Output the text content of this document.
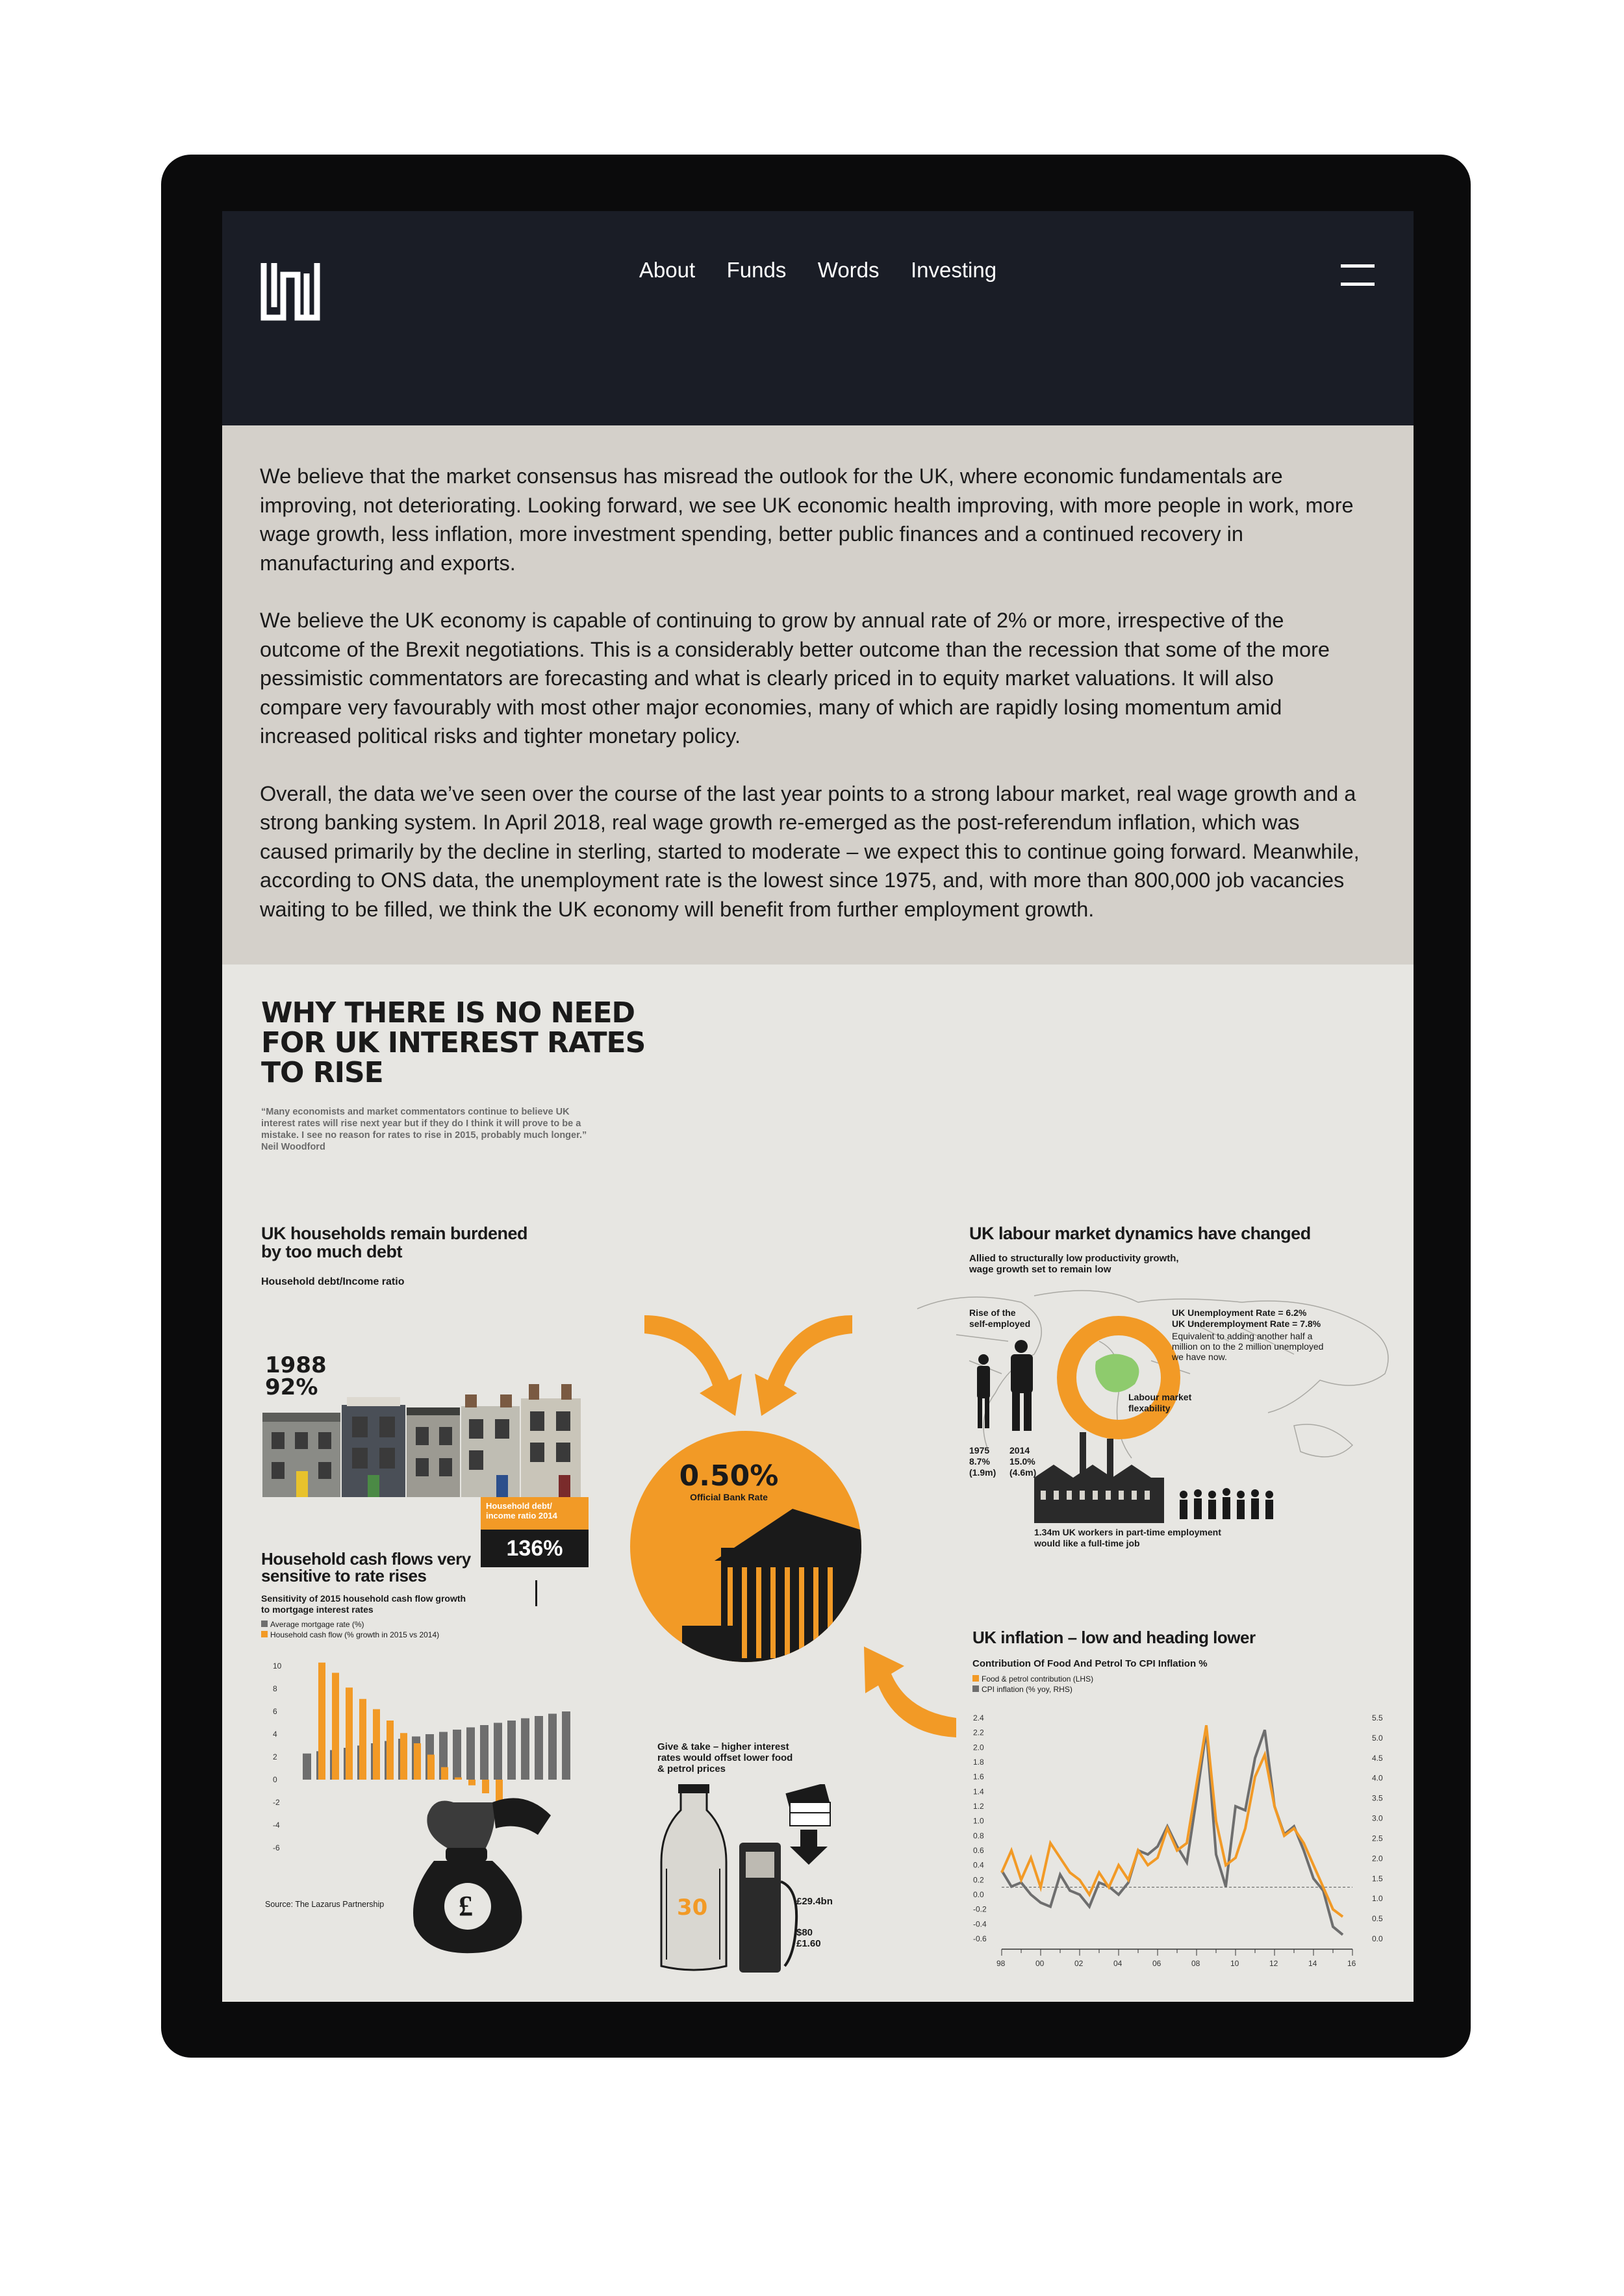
About Funds Words Investing

We believe that the market consensus has misread the outlook for the UK, where economic fundamentals are improving, not deteriorating. Looking forward, we see UK economic health improving, with more people in work, more wage growth, less inflation, more investment spending, better public finances and a continued recovery in manufacturing and exports.

We believe the UK economy is capable of continuing to grow by annual rate of 2% or more, irrespective of the outcome of the Brexit negotiations. This is a considerably better outcome than the recession that some of the more pessimistic commentators are forecasting and what is clearly priced in to equity market valuations. It will also compare very favourably with most other major economies, many of which are rapidly losing momentum amid increased political risks and tighter monetary policy.

Overall, the data we’ve seen over the course of the last year points to a strong labour market, real wage growth and a strong banking system. In April 2018, real wage growth re-emerged as the post-referendum inflation, which was caused primarily by the decline in sterling, started to moderate – we expect this to continue going forward. Meanwhile, according to ONS data, the unemployment rate is the lowest since 1975, and, with more than 800,000 job vacancies waiting to be filled, we think the UK economy will benefit from further employment growth.

WHY THERE IS NO NEED
FOR UK INTEREST RATES
TO RISE
“Many economists and market commentators continue to believe UK
interest rates will rise next year but if they do I think it will prove to be a
mistake. I see no reason for rates to rise in 2015, probably much longer.”
Neil Woodford
UK households remain burdened
by too much debt
Household debt/Income ratio
Household debt/
income ratio 2014
136%
1988
92%
0.50%
Official Bank Rate
UK labour market dynamics have changed
Allied to structurally low productivity growth,
wage growth set to remain low
Labour market
flexability
Rise of the
self-employed
UK Unemployment Rate = 6.2%
UK Underemployment Rate = 7.8%
Equivalent to adding another half a
million on to the 2 million unemployed
we have now.
1975
8.7%
(1.9m)
2014
15.0%
(4.6m)
1.34m UK workers in part-time employment
would like a full-time job
Household cash flows very
sensitive to rate rises
Sensitivity of 2015 household cash flow growth
to mortgage interest rates
Average mortgage rate (%)
Household cash flow (% growth in 2015 vs 2014)
10
8
6
4
2
0
-2
-4
-6
£
Source: The Lazarus Partnership
Give & take – higher interest
rates would offset lower food
& petrol prices
30	£29.4bn
$80
£1.60
UK inflation – low and heading lower
Contribution Of Food And Petrol To CPI Inflation %
Food & petrol contribution (LHS)
CPI inflation (% yoy, RHS)
2.4
2.2
2.0
1.8
1.6
1.4
1.2
1.0
0.8
0.6
0.4
0.2
0.0
-0.2
-0.4
-0.6
5.5
5.0
4.5
4.0
3.5
3.0
2.5
2.0
1.5
1.0
0.5
0.0
98	00	02	04	06	08	10	12	14	16
